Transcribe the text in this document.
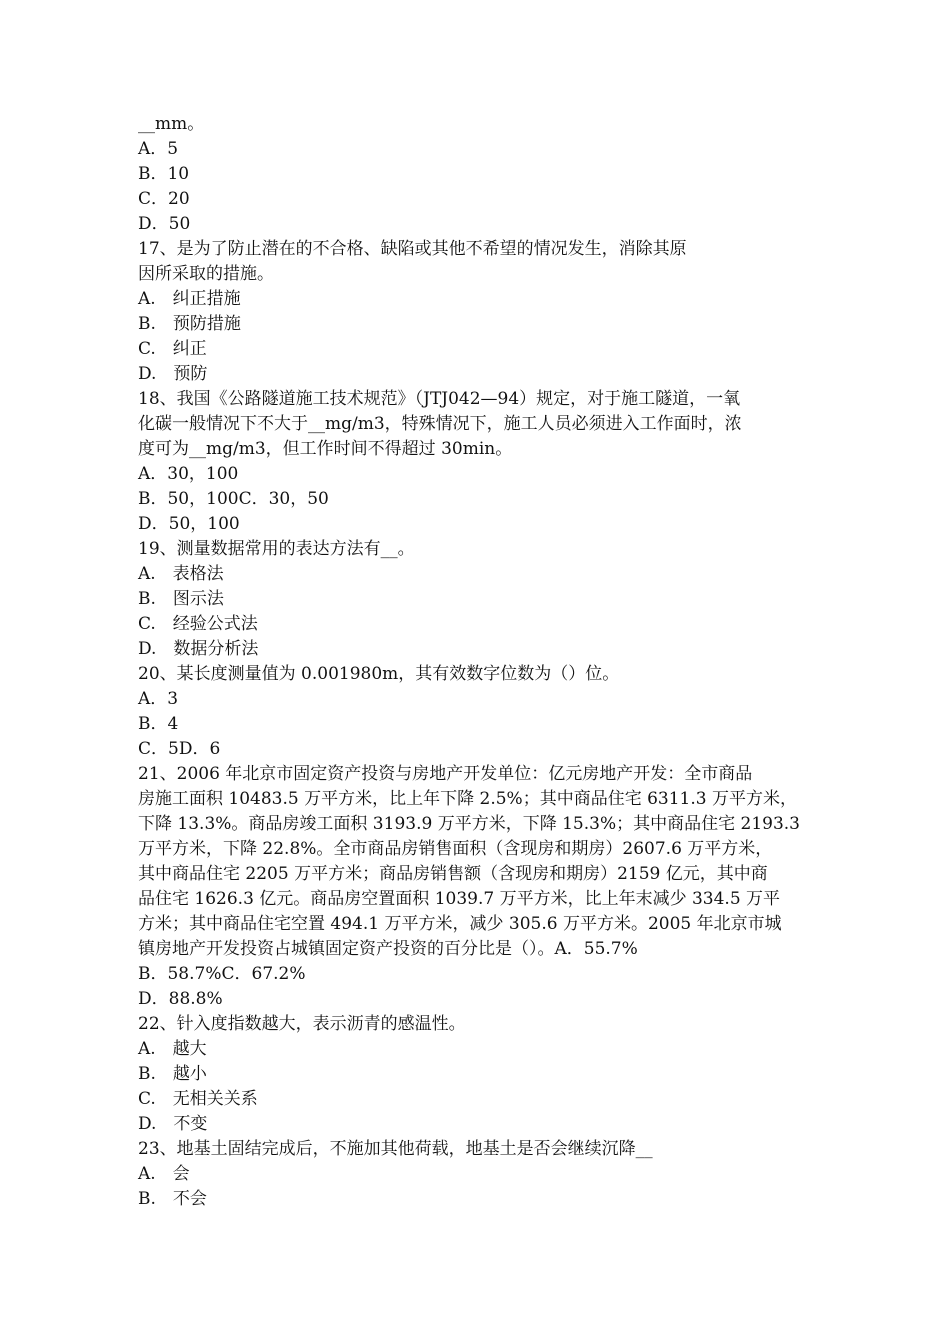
__mm。
A．5
B．10
C．20
D．50
17、是为了防止潜在的不合格、缺陷或其他不希望的情况发生，消除其原
因所采取的措施。
A.　纠正措施
B.　预防措施
C.　纠正
D.　预防
18、我国《公路隧道施工技术规范》（JTJ042—94）规定，对于施工隧道，一氧
化碳一般情况下不大于__mg/m3，特殊情况下，施工人员必须进入工作面时，浓
度可为__mg/m3，但工作时间不得超过 30min。
A．30，100
B．50，100C．30，50
D．50，100
19、测量数据常用的表达方法有__。
A.　表格法
B.　图示法
C.　经验公式法
D.　数据分析法
20、某长度测量值为 0.001980m，其有效数字位数为（）位。
A．3
B．4
C．5D．6
21、2006 年北京市固定资产投资与房地产开发单位：亿元房地产开发：全市商品
房施工面积 10483.5 万平方米，比上年下降 2.5%；其中商品住宅 6311.3 万平方米，
下降 13.3%。商品房竣工面积 3193.9 万平方米，下降 15.3%；其中商品住宅 2193.3
万平方米，下降 22.8%。全市商品房销售面积（含现房和期房）2607.6 万平方米，
其中商品住宅 2205 万平方米；商品房销售额（含现房和期房）2159 亿元，其中商
品住宅 1626.3 亿元。商品房空置面积 1039.7 万平方米，比上年末减少 334.5 万平
方米；其中商品住宅空置 494.1 万平方米，减少 305.6 万平方米。2005 年北京市城
镇房地产开发投资占城镇固定资产投资的百分比是（）。A．55.7%
B．58.7%C．67.2%
D．88.8%
22、针入度指数越大，表示沥青的感温性。
A.　越大
B.　越小
C.　无相关关系
D.　不变
23、地基土固结完成后，不施加其他荷载，地基土是否会继续沉降__
A.　会
B.　不会
